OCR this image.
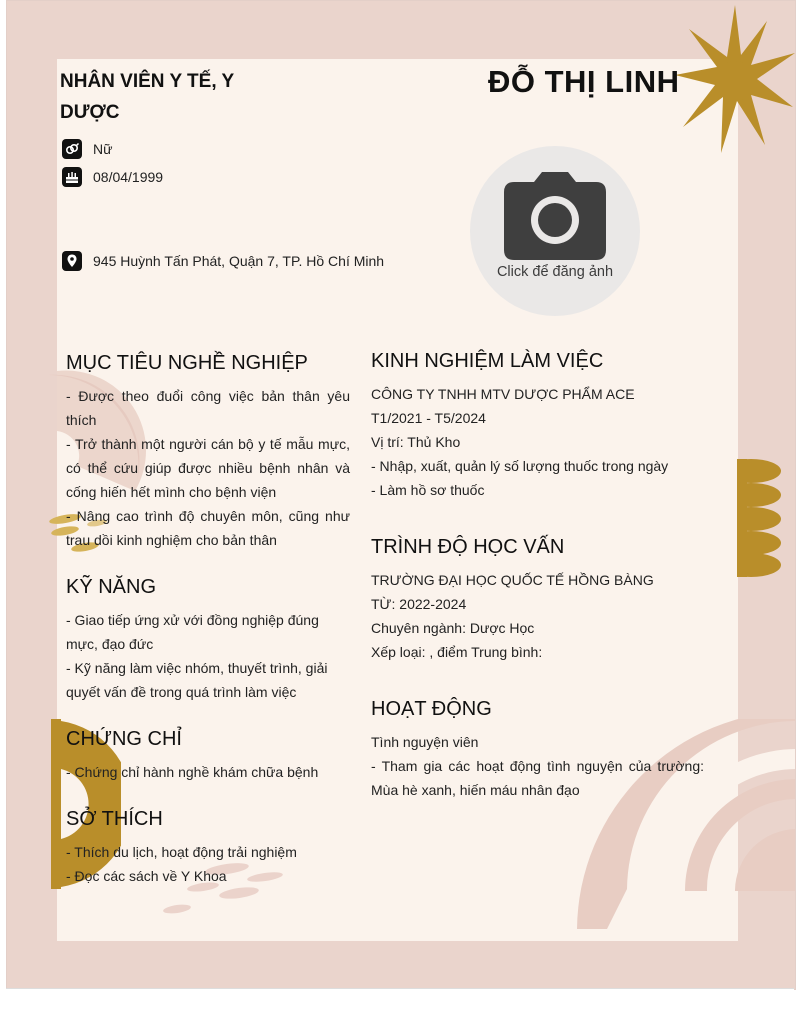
NHÂN VIÊN Y TẾ, Y DƯỢC
ĐỖ THỊ LINH
Nữ
08/04/1999
945 Huỳnh Tấn Phát, Quận 7, TP. Hồ Chí Minh
Click để đăng ảnh
MỤC TIÊU NGHỀ NGHIỆP

- Được theo đuổi công việc bản thân yêu thích

- Trở thành một người cán bộ y tế mẫu mực, có thể cứu giúp được nhiều bệnh nhân và cống hiến hết mình cho bệnh viện

- Nâng cao trình độ chuyên môn, cũng như trau dồi kinh nghiệm cho bản thân

KỸ NĂNG

- Giao tiếp ứng xử với đồng nghiệp đúng mực, đạo đức

- Kỹ năng làm việc nhóm, thuyết trình, giải quyết vấn đề trong quá trình làm việc

CHỨNG CHỈ

- Chứng chỉ hành nghề khám chữa bệnh

SỞ THÍCH

- Thích du lịch, hoạt động trải nghiệm

- Đọc các sách về Y Khoa

KINH NGHIỆM LÀM VIỆC

CÔNG TY TNHH MTV DƯỢC PHẨM ACE

T1/2021 - T5/2024

Vị trí: Thủ Kho

- Nhập, xuất, quản lý số lượng thuốc trong ngày

- Làm hồ sơ thuốc

TRÌNH ĐỘ HỌC VẤN

TRƯỜNG ĐẠI HỌC QUỐC TẾ HỒNG BÀNG

TỪ: 2022-2024

Chuyên ngành: Dược Học

Xếp loại: , điểm Trung bình:

HOẠT ĐỘNG

Tình nguyện viên

- Tham gia các hoạt động tình nguyện của trường: Mùa hè xanh, hiến máu nhân đạo
